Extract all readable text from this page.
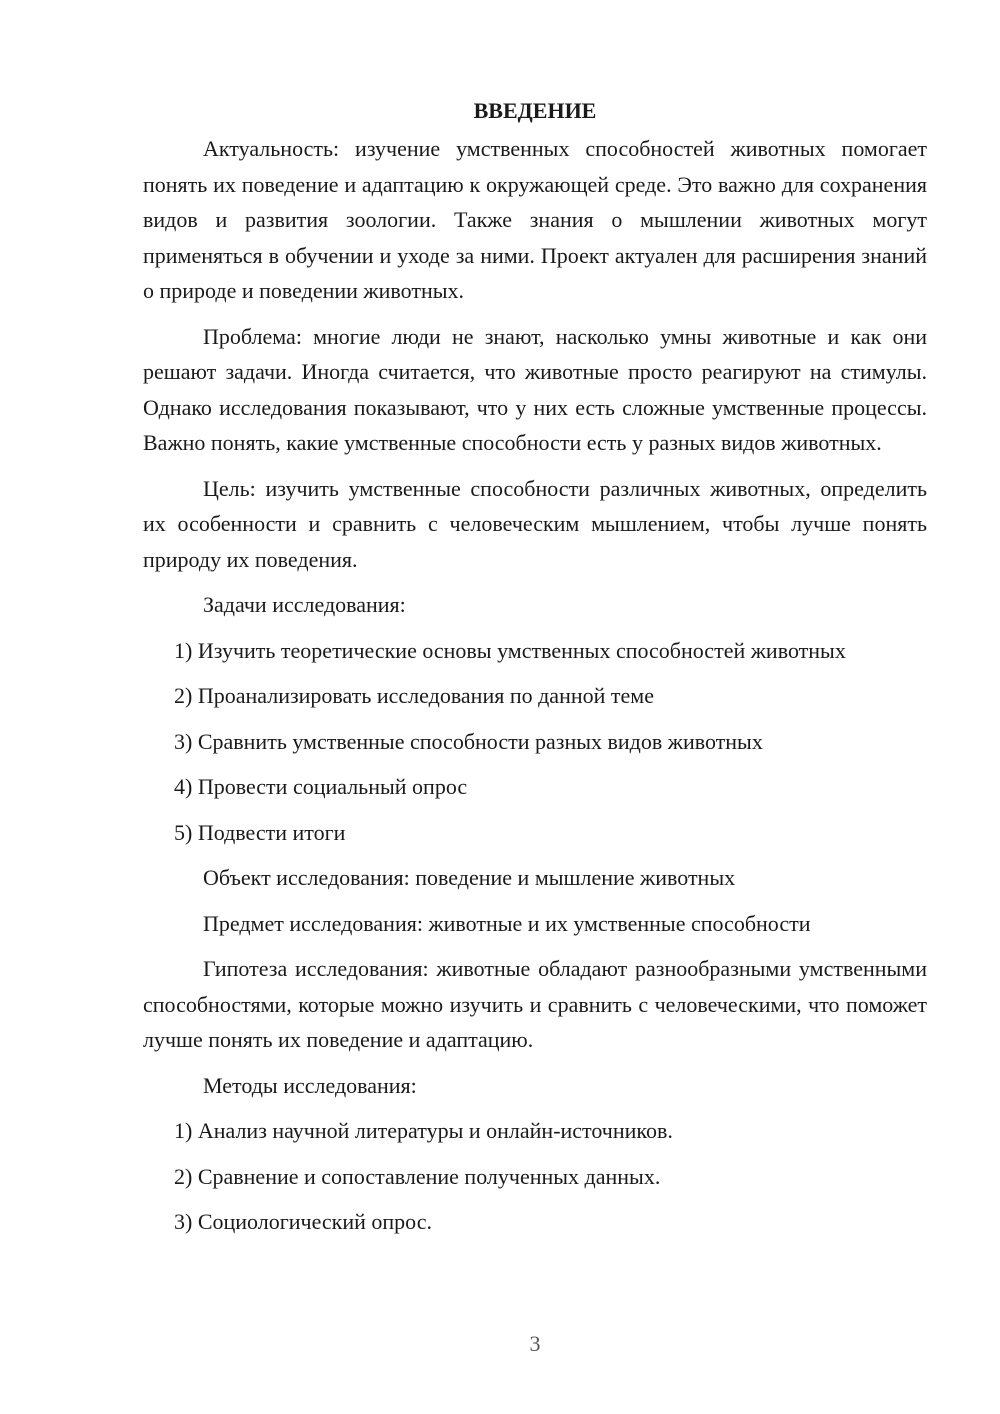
ВВЕДЕНИЕ

Актуальность: изучение умственных способностей животных помогает понять их поведение и адаптацию к окружающей среде. Это важно для сохранения видов и развития зоологии. Также знания о мышлении животных могут применяться в обучении и уходе за ними. Проект актуален для расширения знаний о природе и поведении животных.

Проблема: многие люди не знают, насколько умны животные и как они решают задачи. Иногда считается, что животные просто реагируют на стимулы. Однако исследования показывают, что у них есть сложные умственные процессы. Важно понять, какие умственные способности есть у разных видов животных.

Цель: изучить умственные способности различных животных, определить их особенности и сравнить с человеческим мышлением, чтобы лучше понять природу их поведения.

Задачи исследования:
1) Изучить теоретические основы умственных способностей животных
2) Проанализировать исследования по данной теме
3) Сравнить умственные способности разных видов животных
4) Провести социальный опрос
5) Подвести итоги
Объект исследования: поведение и мышление животных
Предмет исследования: животные и их умственные способности

Гипотеза исследования: животные обладают разнообразными умственными способностями, которые можно изучить и сравнить с человеческими, что поможет лучше понять их поведение и адаптацию.

Методы исследования:
1) Анализ научной литературы и онлайн-источников.
2) Сравнение и сопоставление полученных данных.
3) Социологический опрос.
3
